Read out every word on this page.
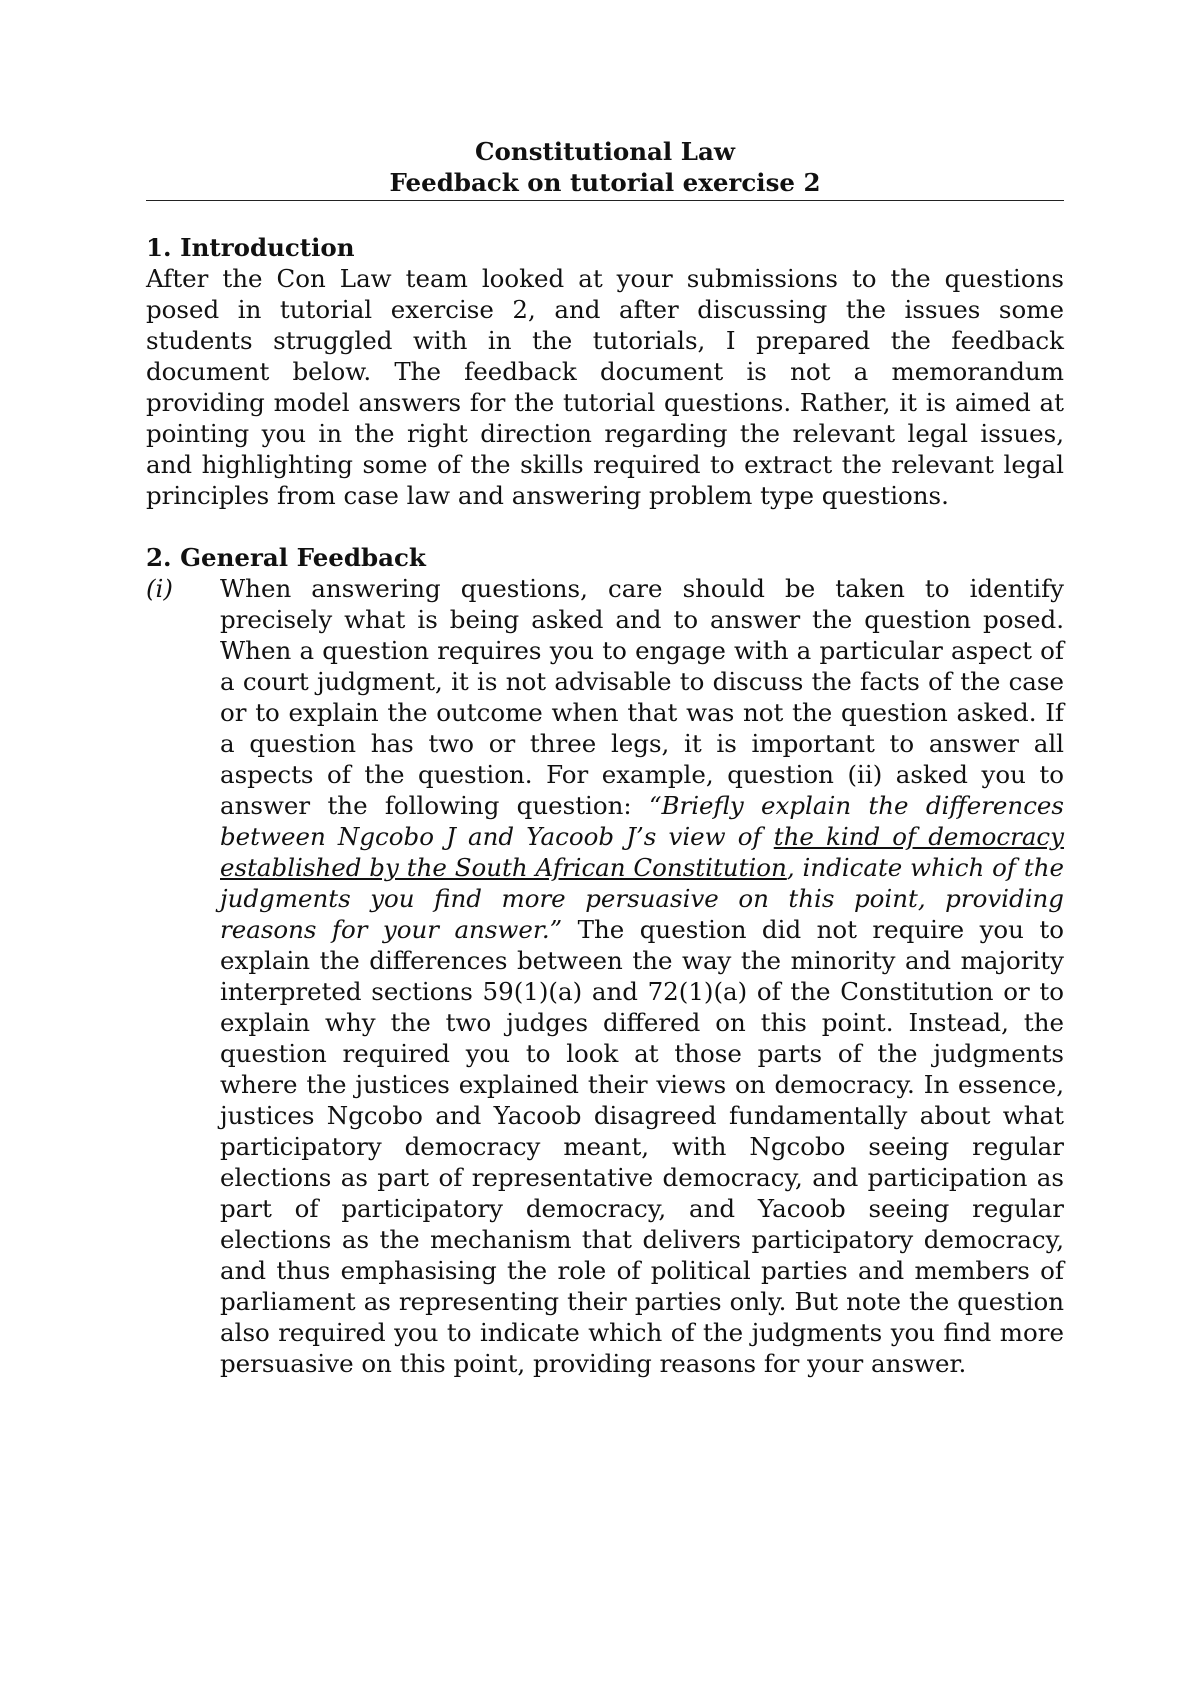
Constitutional Law

Feedback on tutorial exercise 2

1. Introduction

After the Con Law team looked at your submissions to the questions posed in tutorial exercise 2, and after discussing the issues some students struggled with in the tutorials, I prepared the feedback document below. The feedback document is not a memorandum providing model answers for the tutorial questions. Rather, it is aimed at pointing you in the right direction regarding the relevant legal issues, and highlighting some of the skills required to extract the relevant legal principles from case law and answering problem type questions.

2. General Feedback

(i)	When answering questions, care should be taken to identify precisely what is being asked and to answer the question posed. When a question requires you to engage with a particular aspect of a court judgment, it is not advisable to discuss the facts of the case or to explain the outcome when that was not the question asked. If a question has two or three legs, it is important to answer all aspects of the question. For example, question (ii) asked you to answer the following question: “Briefly explain the differences between Ngcobo J and Yacoob J’s view of the kind of democracy established by the South African Constitution, indicate which of the judgments you find more persuasive on this point, providing reasons for your answer.” The question did not require you to explain the differences between the way the minority and majority interpreted sections 59(1)(a) and 72(1)(a) of the Constitution or to explain why the two judges differed on this point. Instead, the question required you to look at those parts of the judgments where the justices explained their views on democracy. In essence, justices Ngcobo and Yacoob disagreed fundamentally about what participatory democracy meant, with Ngcobo seeing regular elections as part of representative democracy, and participation as part of participatory democracy, and Yacoob seeing regular elections as the mechanism that delivers participatory democracy, and thus emphasising the role of political parties and members of parliament as representing their parties only. But note the question also required you to indicate which of the judgments you find more persuasive on this point, providing reasons for your answer.
